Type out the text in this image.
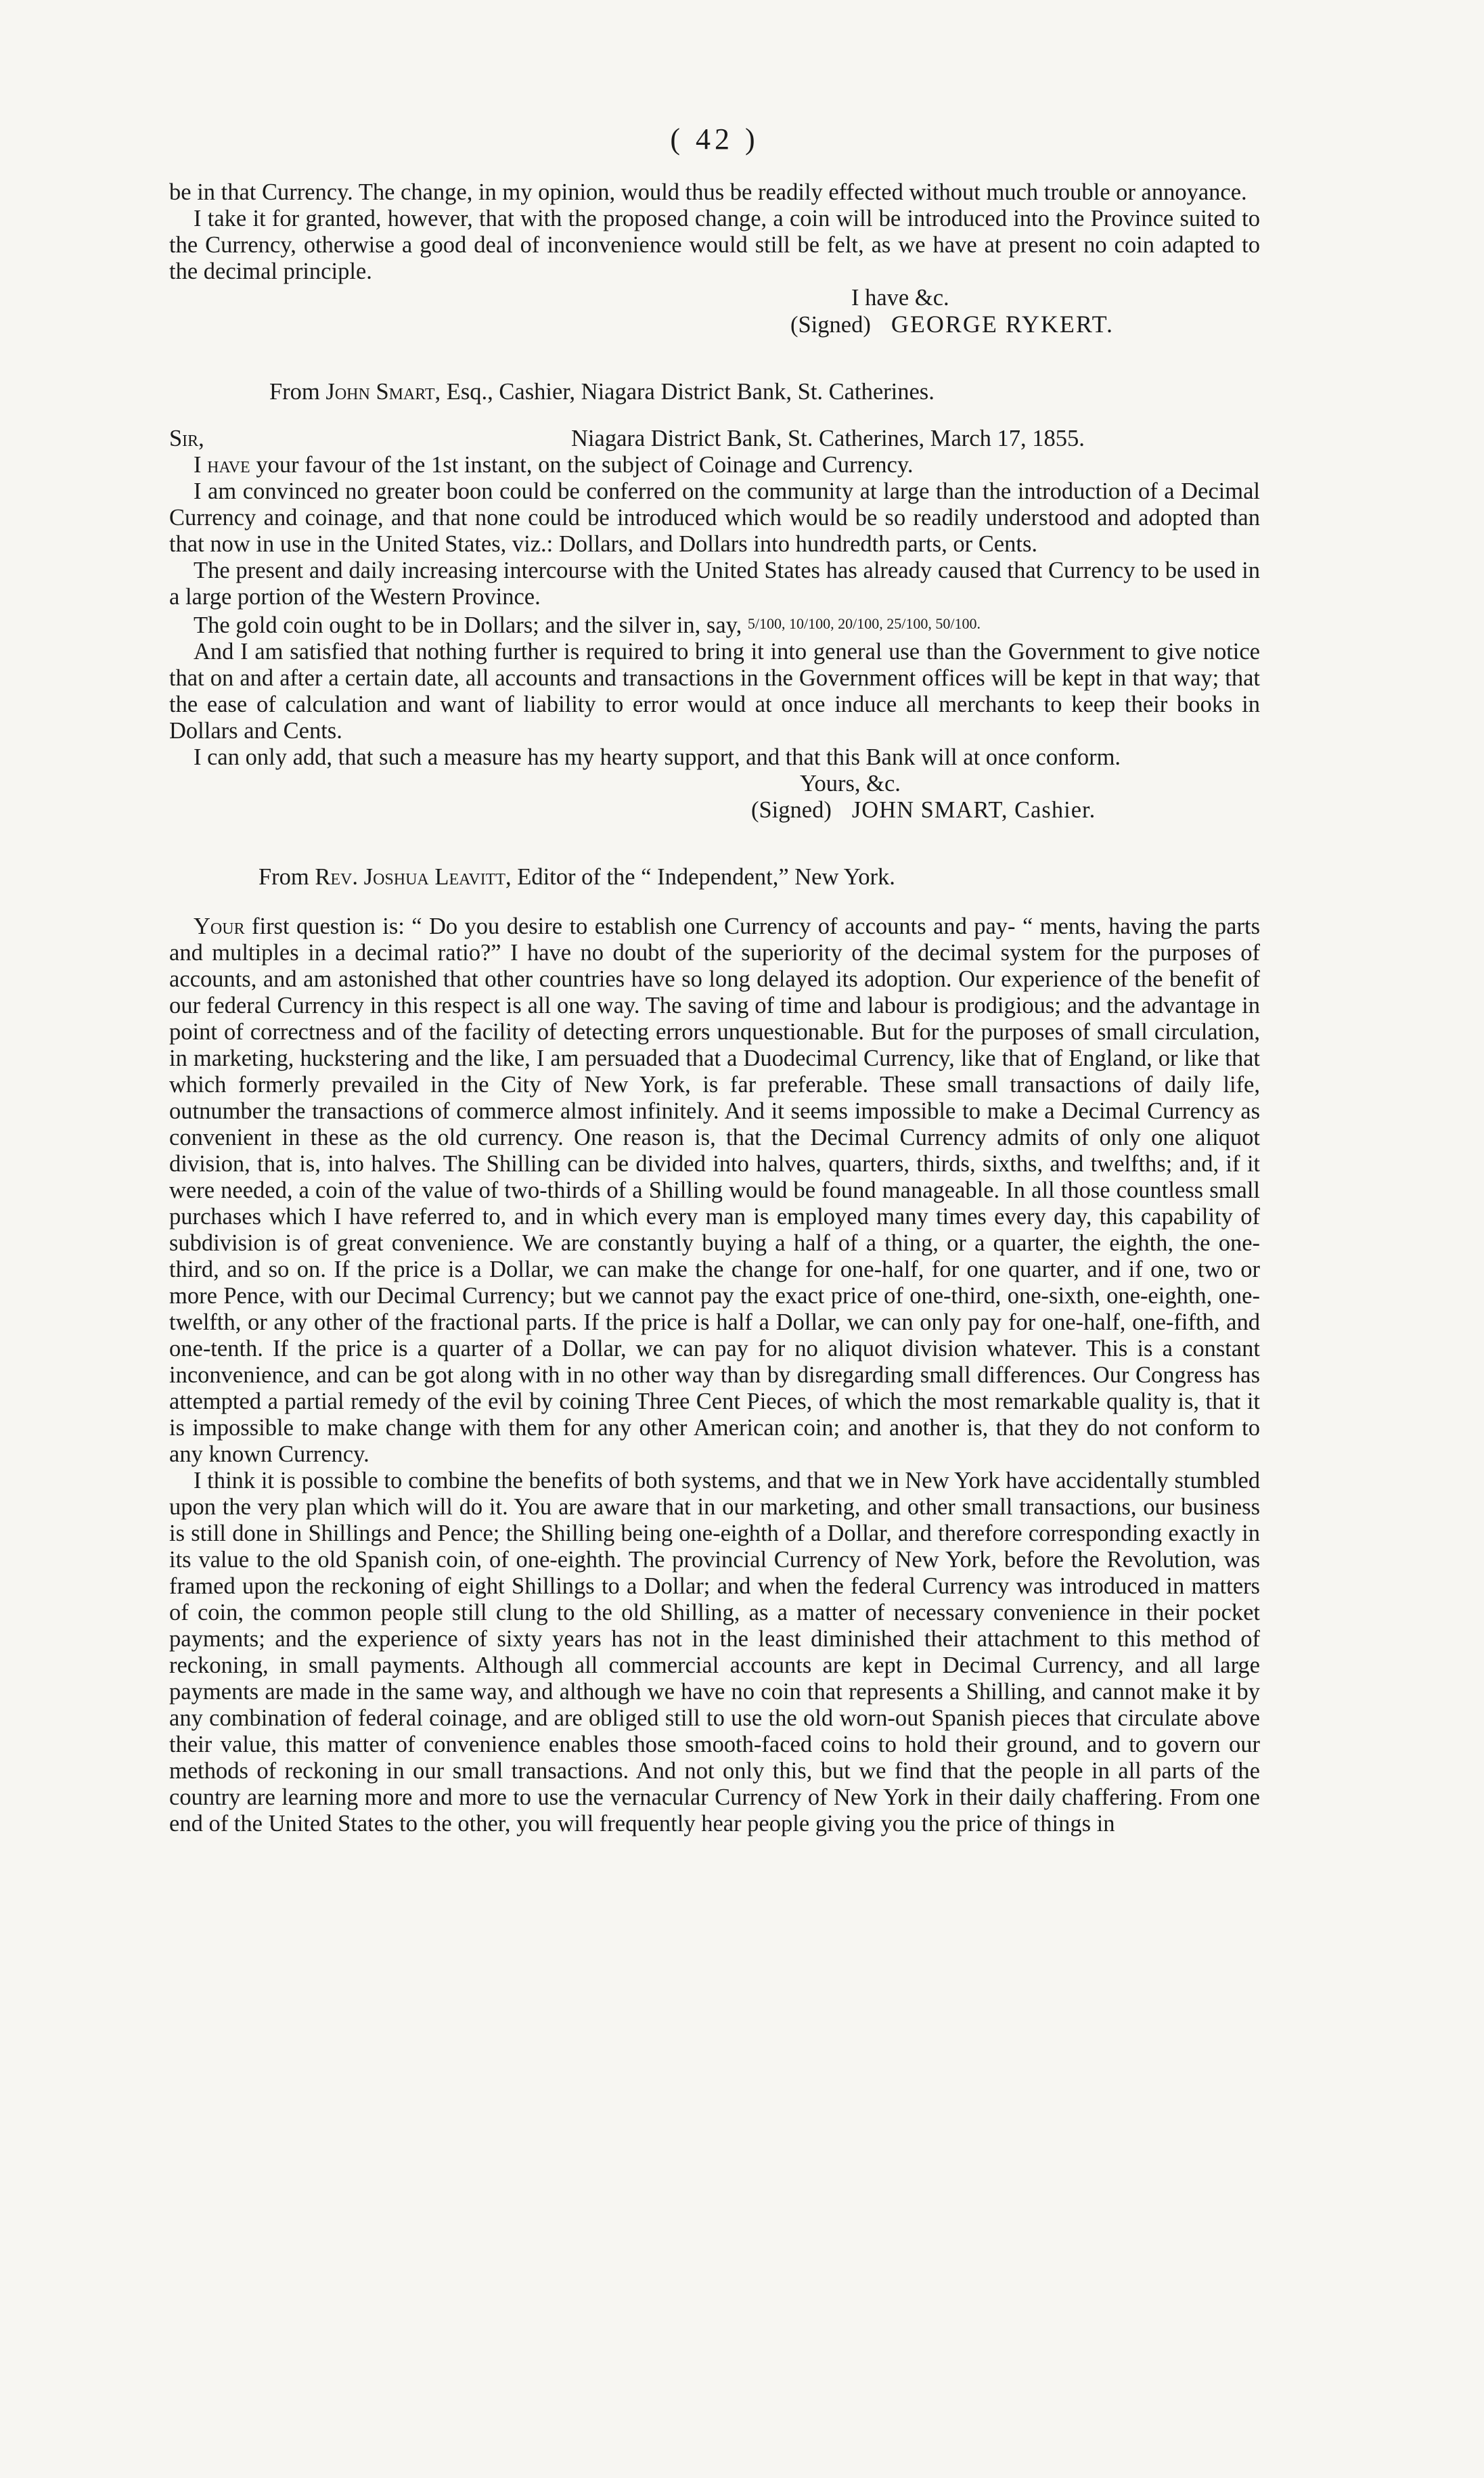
( 42 )

be in that Currency. The change, in my opinion, would thus be readily effected without much trouble or annoyance.

I take it for granted, however, that with the proposed change, a coin will be introduced into the Province suited to the Currency, otherwise a good deal of inconvenience would still be felt, as we have at present no coin adapted to the decimal principle.

I have &c.
(Signed) GEORGE RYKERT.
From John Smart, Esq., Cashier, Niagara District Bank, St. Catherines.
Sir,	Niagara District Bank, St. Catherines, March 17, 1855.

I have your favour of the 1st instant, on the subject of Coinage and Currency.

I am convinced no greater boon could be conferred on the community at large than the introduction of a Decimal Currency and coinage, and that none could be introduced which would be so readily understood and adopted than that now in use in the United States, viz.: Dollars, and Dollars into hundredth parts, or Cents.

The present and daily increasing intercourse with the United States has already caused that Currency to be used in a large portion of the Western Province.

The gold coin ought to be in Dollars; and the silver in, say, 5/100, 10/100, 20/100, 25/100, 50/100.

And I am satisfied that nothing further is required to bring it into general use than the Government to give notice that on and after a certain date, all accounts and transactions in the Government offices will be kept in that way; that the ease of calculation and want of liability to error would at once induce all merchants to keep their books in Dollars and Cents.

I can only add, that such a measure has my hearty support, and that this Bank will at once conform.

Yours, &c.
(Signed) JOHN SMART, Cashier.
From Rev. Joshua Leavitt, Editor of the “ Independent,” New York.

Your first question is: “ Do you desire to establish one Currency of accounts and pay- “ ments, having the parts and multiples in a decimal ratio?” I have no doubt of the superiority of the decimal system for the purposes of accounts, and am astonished that other countries have so long delayed its adoption. Our experience of the benefit of our federal Currency in this respect is all one way. The saving of time and labour is prodigious; and the advantage in point of correctness and of the facility of detecting errors unquestionable. But for the purposes of small circulation, in marketing, huckstering and the like, I am persuaded that a Duodecimal Currency, like that of England, or like that which formerly prevailed in the City of New York, is far preferable. These small transactions of daily life, outnumber the transactions of commerce almost infinitely. And it seems impossible to make a Decimal Currency as convenient in these as the old currency. One reason is, that the Decimal Currency admits of only one aliquot division, that is, into halves. The Shilling can be divided into halves, quarters, thirds, sixths, and twelfths; and, if it were needed, a coin of the value of two-thirds of a Shilling would be found manageable. In all those countless small purchases which I have referred to, and in which every man is employed many times every day, this capability of subdivision is of great convenience. We are constantly buying a half of a thing, or a quarter, the eighth, the one-third, and so on. If the price is a Dollar, we can make the change for one-half, for one quarter, and if one, two or more Pence, with our Decimal Currency; but we cannot pay the exact price of one-third, one-sixth, one-eighth, one-twelfth, or any other of the fractional parts. If the price is half a Dollar, we can only pay for one-half, one-fifth, and one-tenth. If the price is a quarter of a Dollar, we can pay for no aliquot division whatever. This is a constant inconvenience, and can be got along with in no other way than by disregarding small differences. Our Congress has attempted a partial remedy of the evil by coining Three Cent Pieces, of which the most remarkable quality is, that it is impossible to make change with them for any other American coin; and another is, that they do not conform to any known Currency.

I think it is possible to combine the benefits of both systems, and that we in New York have accidentally stumbled upon the very plan which will do it. You are aware that in our marketing, and other small transactions, our business is still done in Shillings and Pence; the Shilling being one-eighth of a Dollar, and therefore corresponding exactly in its value to the old Spanish coin, of one-eighth. The provincial Currency of New York, before the Revolution, was framed upon the reckoning of eight Shillings to a Dollar; and when the federal Currency was introduced in matters of coin, the common people still clung to the old Shilling, as a matter of necessary convenience in their pocket payments; and the experience of sixty years has not in the least diminished their attachment to this method of reckoning, in small payments. Although all commercial accounts are kept in Decimal Currency, and all large payments are made in the same way, and although we have no coin that represents a Shilling, and cannot make it by any combination of federal coinage, and are obliged still to use the old worn-out Spanish pieces that circulate above their value, this matter of convenience enables those smooth-faced coins to hold their ground, and to govern our methods of reckoning in our small transactions. And not only this, but we find that the people in all parts of the country are learning more and more to use the vernacular Currency of New York in their daily chaffering. From one end of the United States to the other, you will frequently hear people giving you the price of things in
